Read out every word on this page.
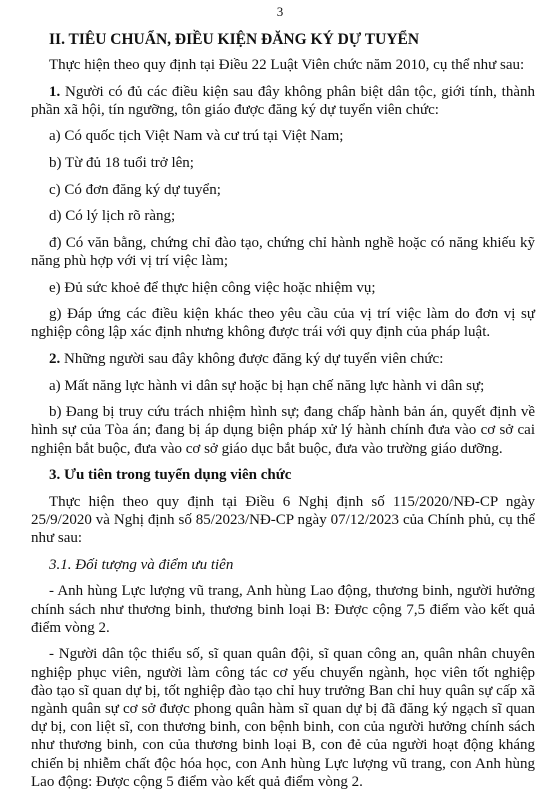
3
II. TIÊU CHUẨN, ĐIỀU KIỆN ĐĂNG KÝ DỰ TUYỂN

Thực hiện theo quy định tại Điều 22 Luật Viên chức năm 2010, cụ thể như sau:

1. Người có đủ các điều kiện sau đây không phân biệt dân tộc, giới tính, thành phần xã hội, tín ngưỡng, tôn giáo được đăng ký dự tuyển viên chức:

a) Có quốc tịch Việt Nam và cư trú tại Việt Nam;

b) Từ đủ 18 tuổi trở lên;

c) Có đơn đăng ký dự tuyển;

d) Có lý lịch rõ ràng;

đ) Có văn bằng, chứng chỉ đào tạo, chứng chỉ hành nghề hoặc có năng khiếu kỹ năng phù hợp với vị trí việc làm;

e) Đủ sức khoẻ để thực hiện công việc hoặc nhiệm vụ;

g) Đáp ứng các điều kiện khác theo yêu cầu của vị trí việc làm do đơn vị sự nghiệp công lập xác định nhưng không được trái với quy định của pháp luật.

2. Những người sau đây không được đăng ký dự tuyển viên chức:

a) Mất năng lực hành vi dân sự hoặc bị hạn chế năng lực hành vi dân sự;

b) Đang bị truy cứu trách nhiệm hình sự; đang chấp hành bản án, quyết định về hình sự của Tòa án; đang bị áp dụng biện pháp xử lý hành chính đưa vào cơ sở cai nghiện bắt buộc, đưa vào cơ sở giáo dục bắt buộc, đưa vào trường giáo dưỡng.

3. Ưu tiên trong tuyển dụng viên chức

Thực hiện theo quy định tại Điều 6 Nghị định số 115/2020/NĐ-CP ngày 25/9/2020 và Nghị định số 85/2023/NĐ-CP ngày 07/12/2023 của Chính phủ, cụ thể như sau:

3.1. Đối tượng và điểm ưu tiên

- Anh hùng Lực lượng vũ trang, Anh hùng Lao động, thương binh, người hưởng chính sách như thương binh, thương binh loại B: Được cộng 7,5 điểm vào kết quả điểm vòng 2.

- Người dân tộc thiểu số, sĩ quan quân đội, sĩ quan công an, quân nhân chuyên nghiệp phục viên, người làm công tác cơ yếu chuyển ngành, học viên tốt nghiệp đào tạo sĩ quan dự bị, tốt nghiệp đào tạo chỉ huy trưởng Ban chỉ huy quân sự cấp xã ngành quân sự cơ sở được phong quân hàm sĩ quan dự bị đã đăng ký ngạch sĩ quan dự bị, con liệt sĩ, con thương binh, con bệnh binh, con của người hưởng chính sách như thương binh, con của thương binh loại B, con đẻ của người hoạt động kháng chiến bị nhiễm chất độc hóa học, con Anh hùng Lực lượng vũ trang, con Anh hùng Lao động: Được cộng 5 điểm vào kết quả điểm vòng 2.
